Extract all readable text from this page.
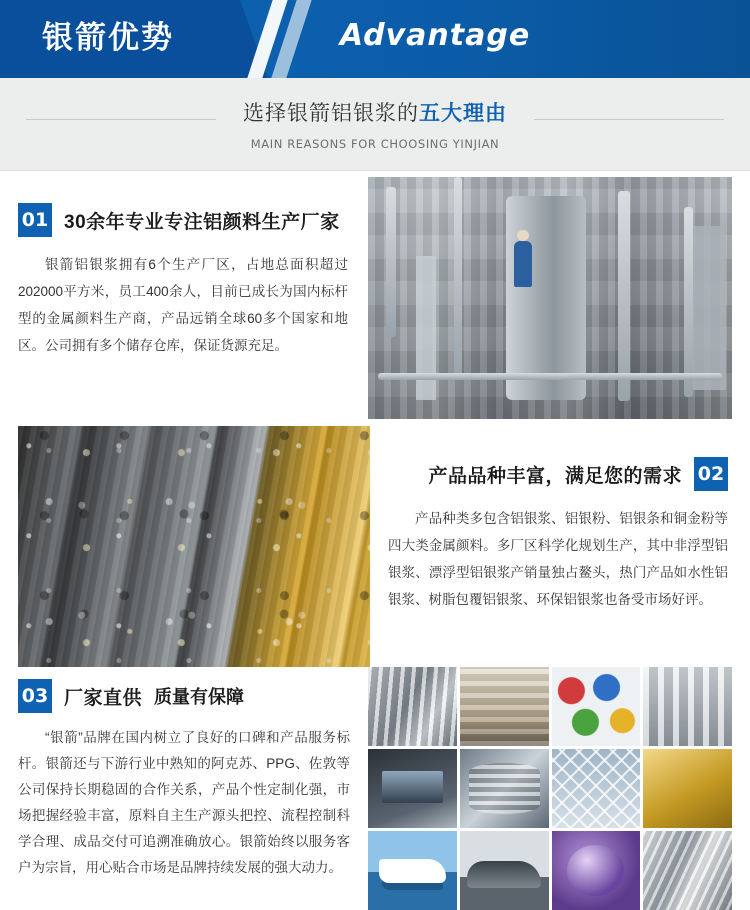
银箭优势	Advantage
选择银箭铝银浆的五大理由
MAIN REASONS FOR CHOOSING YINJIAN
01 30余年专业专注铝颜料生产厂家
银箭铝银浆拥有6个生产厂区，占地总面积超过202000平方米，员工400余人，目前已成长为国内标杆型的金属颜料生产商，产品远销全球60多个国家和地区。公司拥有多个储存仓库，保证货源充足。
产品品种丰富，满足您的需求 02
产品种类多包含铝银浆、铝银粉、铝银条和铜金粉等四大类金属颜料。多厂区科学化规划生产，其中非浮型铝银浆、漂浮型铝银浆产销量独占鳌头，热门产品如水性铝银浆、树脂包覆铝银浆、环保铝银浆也备受市场好评。
03 厂家直供 质量有保障
“银箭”品牌在国内树立了良好的口碑和产品服务标杆。银箭还与下游行业中熟知的阿克苏、PPG、佐敦等公司保持长期稳固的合作关系，产品个性定制化强，市场把握经验丰富，原料自主生产源头把控、流程控制科学合理、成品交付可追溯准确放心。银箭始终以服务客户为宗旨，用心贴合市场是品牌持续发展的强大动力。
